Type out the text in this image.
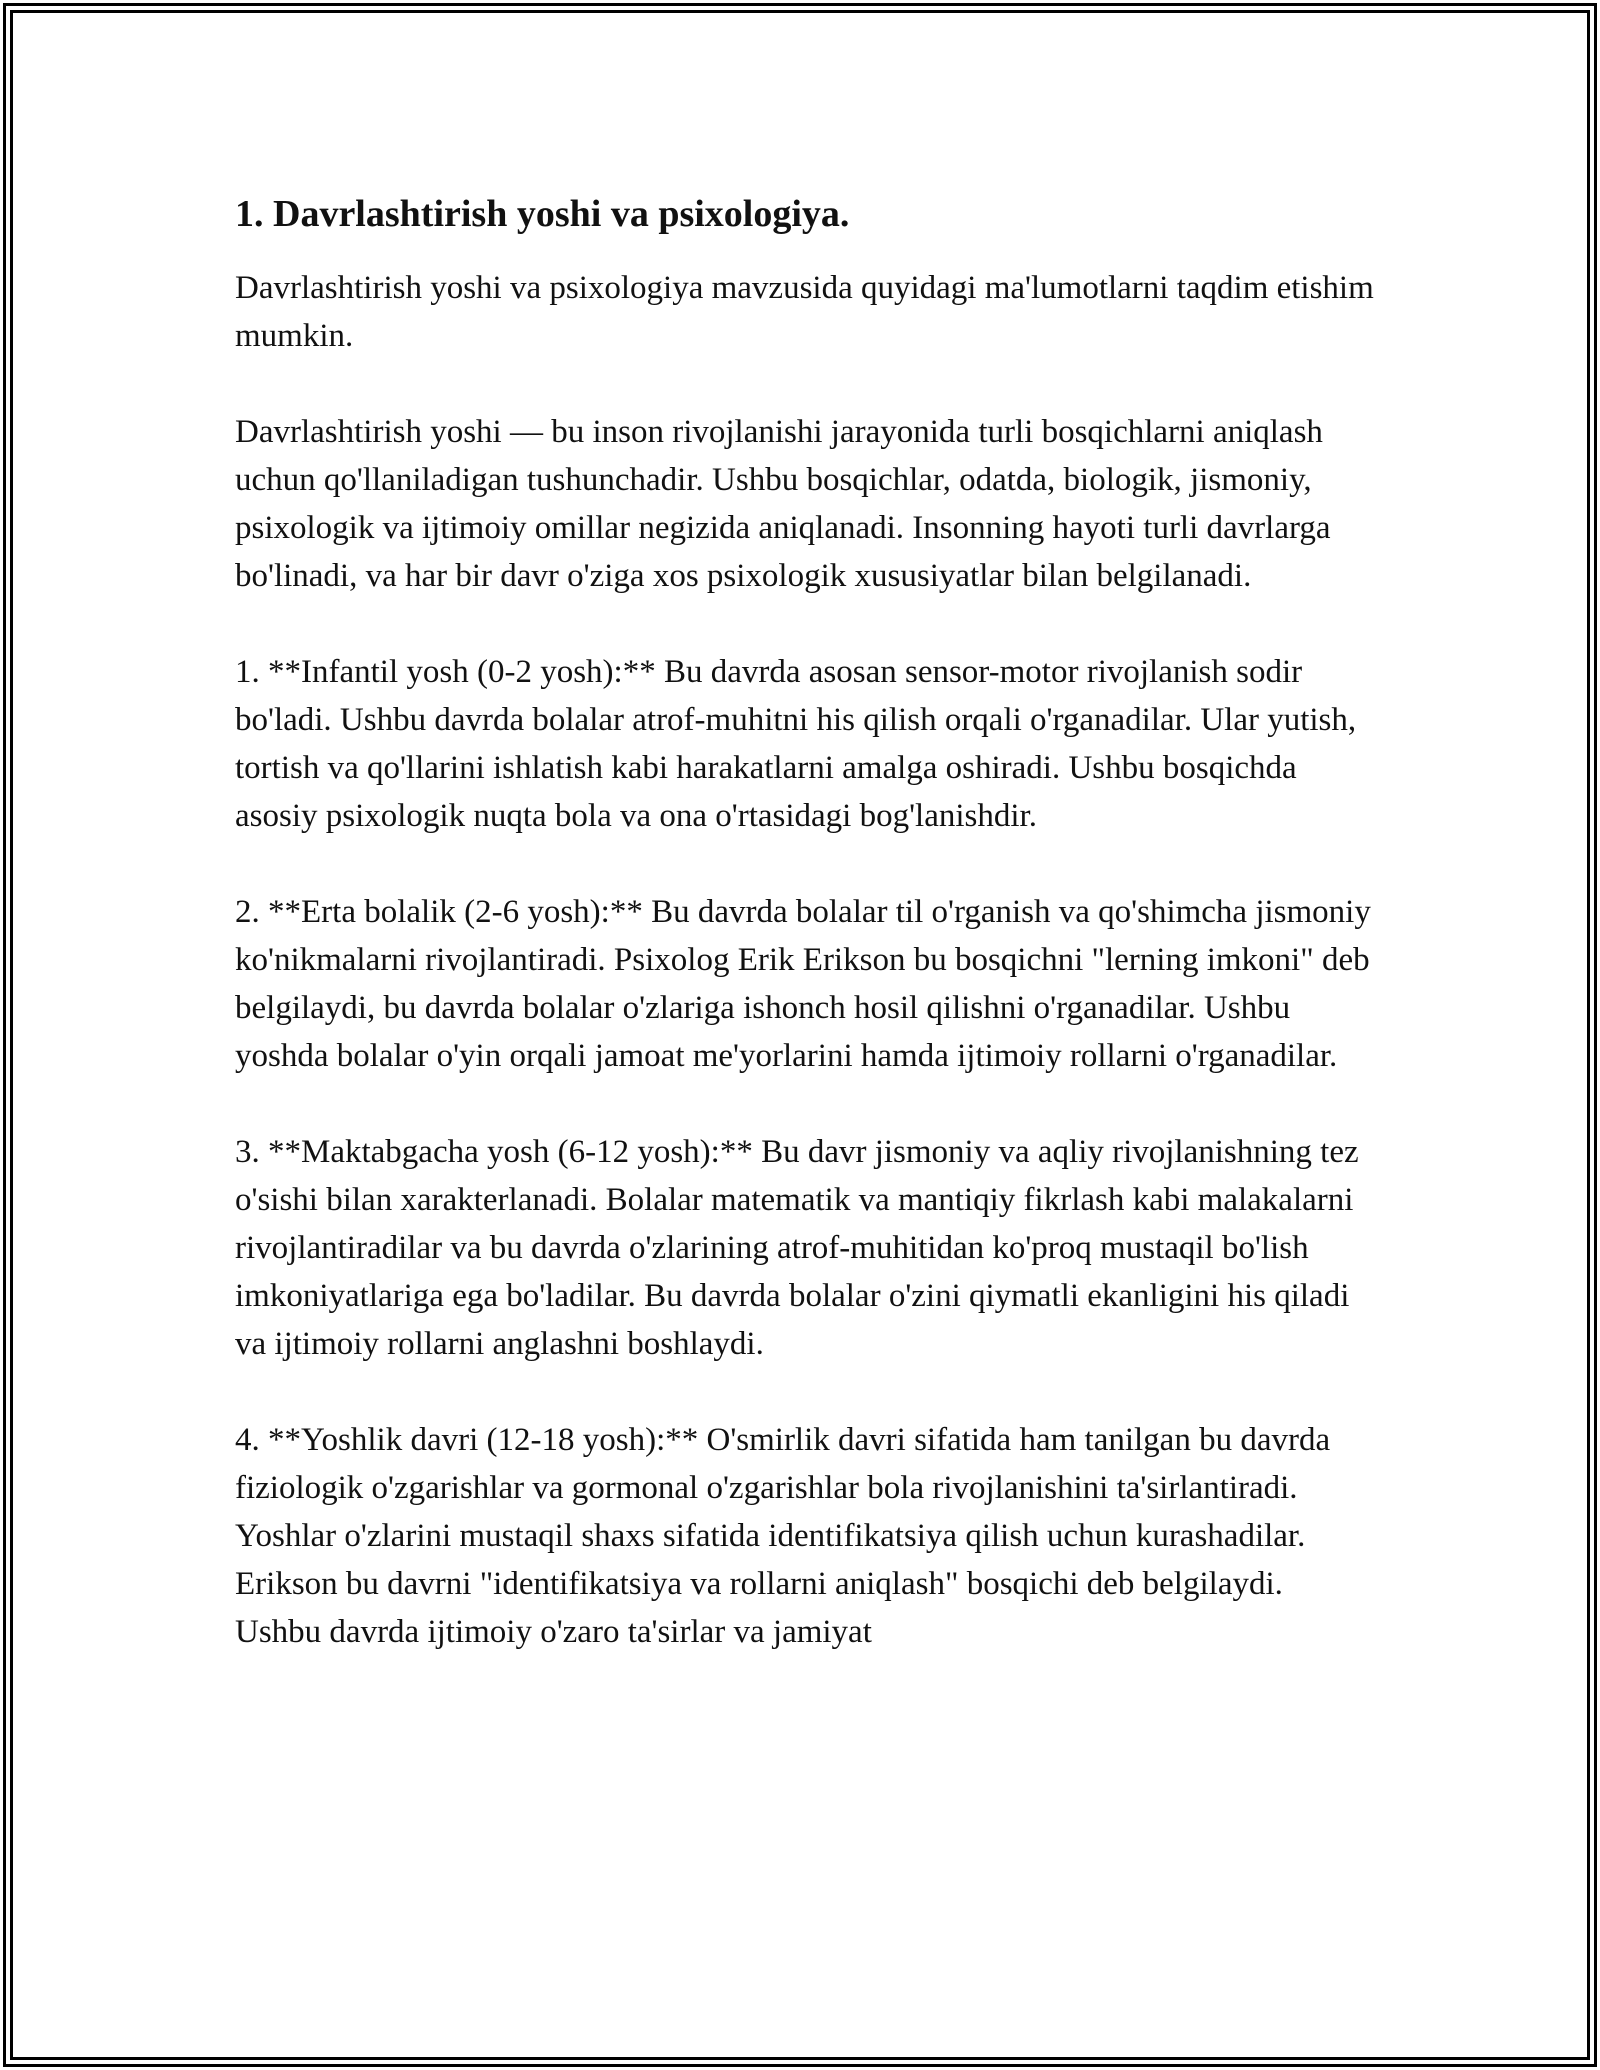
1. Davrlashtirish yoshi va psixologiya.

Davrlashtirish yoshi va psixologiya mavzusida quyidagi ma'lumotlarni taqdim etishim mumkin.

Davrlashtirish yoshi — bu inson rivojlanishi jarayonida turli bosqichlarni aniqlash uchun qo'llaniladigan tushunchadir. Ushbu bosqichlar, odatda, biologik, jismoniy, psixologik va ijtimoiy omillar negizida aniqlanadi. Insonning hayoti turli davrlarga bo'linadi, va har bir davr o'ziga xos psixologik xususiyatlar bilan belgilanadi.

1. **Infantil yosh (0-2 yosh):** Bu davrda asosan sensor-motor rivojlanish sodir bo'ladi. Ushbu davrda bolalar atrof-muhitni his qilish orqali o'rganadilar. Ular yutish, tortish va qo'llarini ishlatish kabi harakatlarni amalga oshiradi. Ushbu bosqichda asosiy psixologik nuqta bola va ona o'rtasidagi bog'lanishdir.

2. **Erta bolalik (2-6 yosh):** Bu davrda bolalar til o'rganish va qo'shimcha jismoniy ko'nikmalarni rivojlantiradi. Psixolog Erik Erikson bu bosqichni "lerning imkoni" deb belgilaydi, bu davrda bolalar o'zlariga ishonch hosil qilishni o'rganadilar. Ushbu yoshda bolalar o'yin orqali jamoat me'yorlarini hamda ijtimoiy rollarni o'rganadilar.

3. **Maktabgacha yosh (6-12 yosh):** Bu davr jismoniy va aqliy rivojlanishning tez o'sishi bilan xarakterlanadi. Bolalar matematik va mantiqiy fikrlash kabi malakalarni rivojlantiradilar va bu davrda o'zlarining atrof-muhitidan ko'proq mustaqil bo'lish imkoniyatlariga ega bo'ladilar. Bu davrda bolalar o'zini qiymatli ekanligini his qiladi va ijtimoiy rollarni anglashni boshlaydi.

4. **Yoshlik davri (12-18 yosh):** O'smirlik davri sifatida ham tanilgan bu davrda fiziologik o'zgarishlar va gormonal o'zgarishlar bola rivojlanishini ta'sirlantiradi. Yoshlar o'zlarini mustaqil shaxs sifatida identifikatsiya qilish uchun kurashadilar. Erikson bu davrni "identifikatsiya va rollarni aniqlash" bosqichi deb belgilaydi. Ushbu davrda ijtimoiy o'zaro ta'sirlar va jamiyat
